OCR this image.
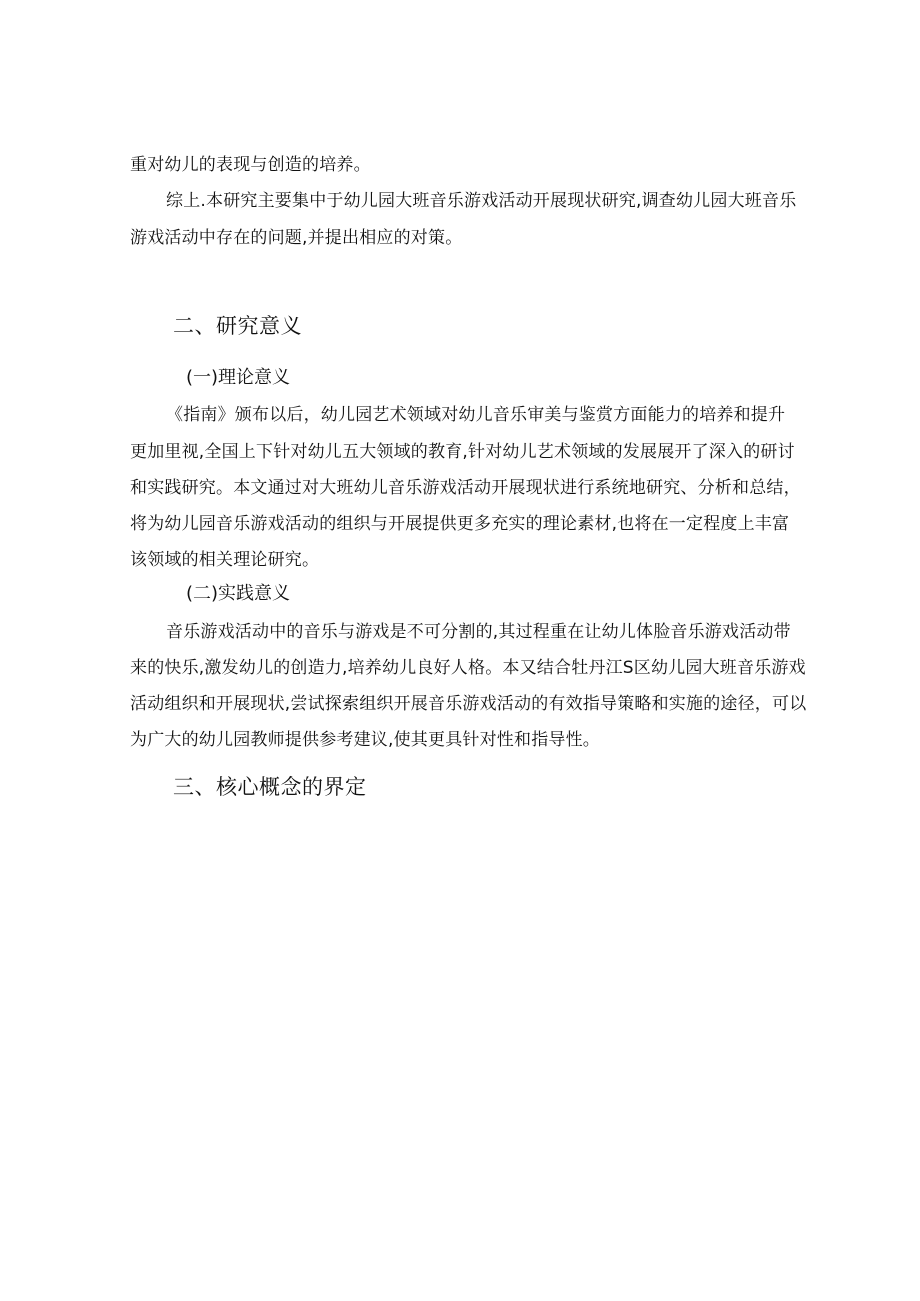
重对幼儿的表现与创造的培养。
综上.本研究主要集中于幼儿园大班音乐游戏活动开展现状研究,调查幼儿园大班音乐
游戏活动中存在的问题,并提出相应的对策。
二、研究意义
(一)理论意义
《指南》颁布以后，幼儿园艺术领域对幼儿音乐审美与鉴赏方面能力的培养和提升
更加里视,全国上下针对幼儿五大领域的教育,针对幼儿艺术领域的发展展开了深入的研讨
和实践研究。本文通过对大班幼儿音乐游戏活动开展现状进行系统地研究、分析和总结，
将为幼儿园音乐游戏活动的组织与开展提供更多充实的理论素材,也将在一定程度上丰富
该领域的相关理论研究。
(二)实践意义
音乐游戏活动中的音乐与游戏是不可分割的,其过程重在让幼儿体脸音乐游戏活动带
来的快乐,激发幼儿的创造力,培养幼儿良好人格。本又结合牡丹江S区幼儿园大班音乐游戏
活动组织和开展现状,尝试探索组织开展音乐游戏活动的有效指导策略和实施的途径，可以
为广大的幼儿园教师提供参考建议,使其更具针对性和指导性。
三、核心概念的界定
